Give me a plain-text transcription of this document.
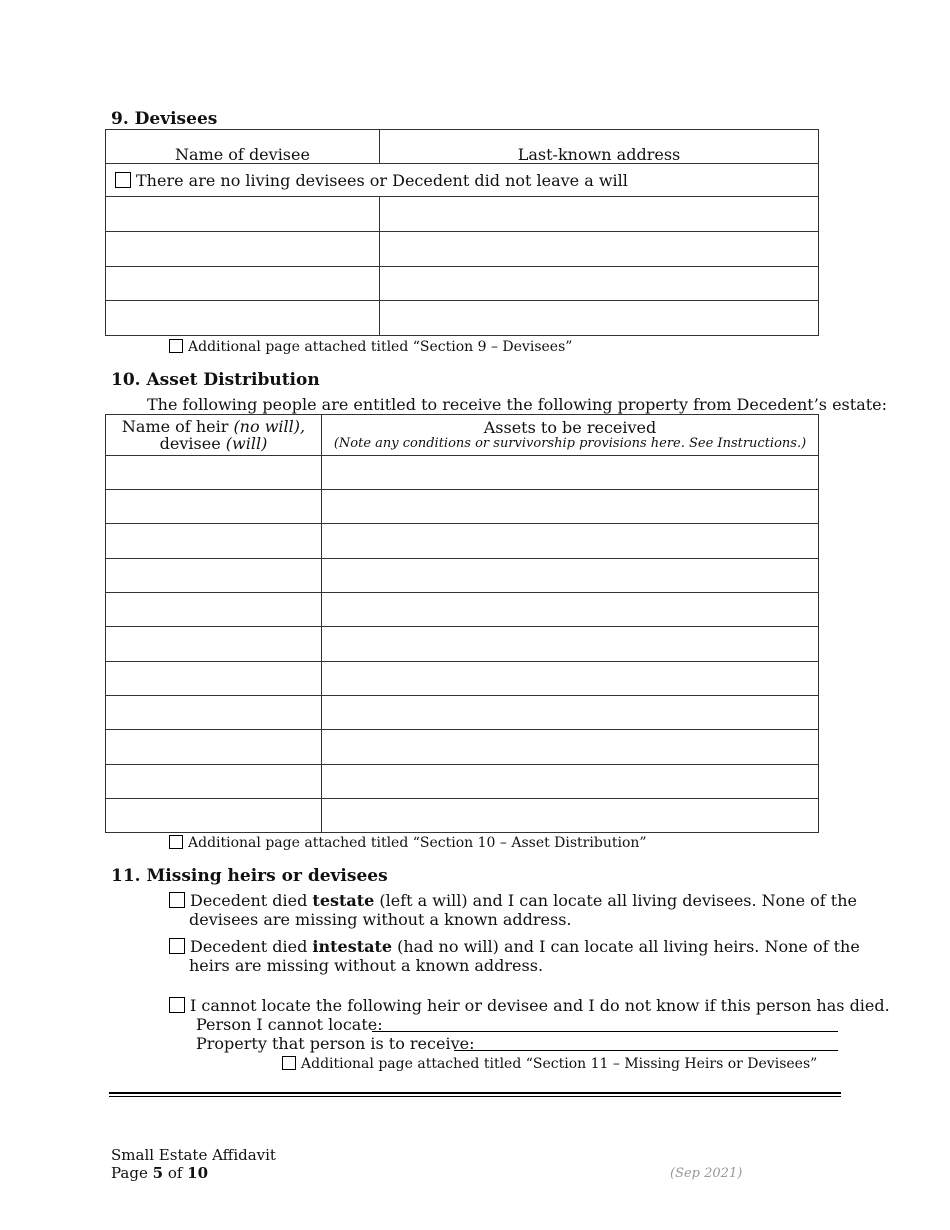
9. Devisees
Name of devisee	Last-known address
There are no living devisees or Decedent did not leave a will	

Additional page attached titled “Section 9 – Devisees”
10. Asset Distribution
The following people are entitled to receive the following property from Decedent’s estate:
Name of heir (no will),
devisee (will)	Assets to be received
(Note any conditions or survivorship provisions here. See Instructions.)

Additional page attached titled “Section 10 – Asset Distribution”
11. Missing heirs or devisees
Decedent died testate (left a will) and I can locate all living devisees. None of the
devisees are missing without a known address.
Decedent died intestate (had no will) and I can locate all living heirs. None of the
heirs are missing without a known address.
I cannot locate the following heir or devisee and I do not know if this person has died.
Person I cannot locate:
Property that person is to receive:
Additional page attached titled “Section 11 – Missing Heirs or Devisees”
Small Estate Affidavit
Page 5 of 10	(Sep 2021)
